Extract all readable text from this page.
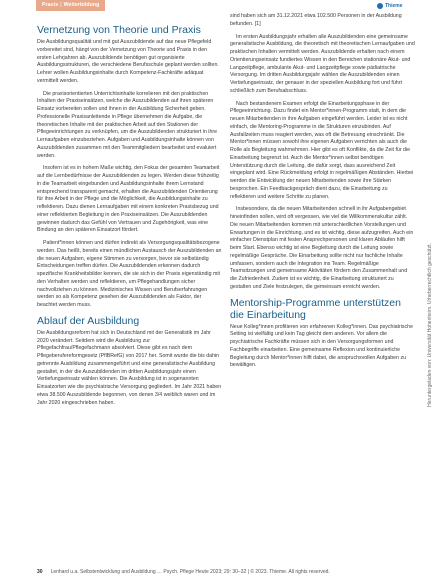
Praxis | Weiterbildung	Thieme
Vernetzung von Theorie und Praxis

Die Ausbildungsqualität und mit gut Auszubildende auf das neue Pflegefeld vorbereitet sind, hängt von der Vernetzung von Theorie und Praxis in den ersten Lehrjahren ab. Auszubildende benötigen gut organisierte Ausbildungsstrukturen, die verschiedene Berufsschule geplant werden sollten. Lehrer wollen Ausbildungsinhalte durch Kompetenz-Fachkräfte adäquat vermittelt werden.

Die praxisorientierten Unterrichtsinhalte korrelieren mit den praktischen Inhalten der Praxiseinsätzen, welche die Auszubildenden auf ihren späteren Einsatz vorbereiten sollen und ihnen in der Ausbildung Sicherheit geben. Professionelle Praxisanleitende in Pflege übernehmen die Aufgabe, die theoretischen Inhalte mit der praktischen Arbeit auf den Stationen der Pflegeeinrichtungen zu verknüpfen, um die Auszubildenden strukturiert in ihre Lernaufgaben einzubeziehen. Aufgaben und Ausbildungsinhalte können von Auszubildenden zusammen mit den Teammitgliedern bearbeitet und evaluiert werden.

Insofern ist es in hohem Maße wichtig, den Fokus der gesamten Teamarbeit auf die Lernbedürfnisse der Auszubildenden zu legen. Werden diese frühzeitig in die Teamarbeit eingebunden und Ausbildungsinhalte ihrem Lernstand entsprechend transparent gemacht, erhalten die Auszubildenden Orientierung für ihre Arbeit in der Pflege und die Möglichkeit, die Ausbildungsinhalte zu reflektieren. Dazu dienen Lernaufgaben mit einem konkreten Praxisbezug und einer reflektierten Begleitung in den Praxiseinsätzen. Die Auszubildenden gewinnen dadurch das Gefühl von Vertrauen und Zugehörigkeit, was eine Bindung an den späteren Einsatzort fördert.

Patient*innen können und dürfen indirekt als Versorgungsqualitätsbezogene werden. Das heißt, bereits einen mündlichen Austausch der Auszubildenden an die neuen Aufgaben, eigene Stimmen zu versorgen, bevor sie selbständig Entscheidungen treffen dürfen. Die Auszubildenden erkennen dadurch spezifische Krankheitsbilder kennen, die sie sich in der Praxis eigenständig mit den Verhalten werden und reflektieren, um Pflegehandlungen sicher nachvollziehen zu können. Medizinisches Wissen und Berufserfahrungen werden so als Kompetenz gesehen der Auszubildenden als Faktor, der beachtet werden muss.

Ablauf der Ausbildung

Die Ausbildungsreform hat sich in Deutschland mit der Generalistik im Jahr 2020 verändert. Seitdem wird die Ausbildung zur Pflegefachfrau/Pflegefachmann absolviert. Diese gibt es nach dem Pflegeberufereformgesetz (PflBRefG) von 2017 her. Somit wurde die bis dahin getrennte Ausbildung zusammengeführt und eine generalistische Ausbildung gestaltet, in der die Auszubildenden im dritten Ausbildungsjahr einen Vertiefungseinsatz wählen können. Die Ausbildung ist in sogenannten Einsatzorten wie die psychiatrische Versorgung gegliedert. Im Jahr 2021 haben etwa 38.500 Auszubildende begonnen, von denen 3/4 weiblich waren und im Jahr 2020 eingeschrieben haben.

sind haben sich am 31.12.2021 etwa 102.500 Personen in der Ausbildung befunden. [1]

Im ersten Ausbildungsjahr erhalten alle Auszubildenden eine gemeinsame generalistische Ausbildung, die theoretisch mit theoretischen Lernaufgaben und praktischen Inhalten vermittelt werden. Auszubildende erhalten nach einem Orientierungseinsatz fundiertes Wissen in den Bereichen stationäre Akut- und Langzeitpflege, ambulante Akut- und Langzeitpflege sowie pädiatrische Versorgung. Im dritten Ausbildungsjahr wählen die Auszubildenden einen Vertiefungseinsatz, der genauer in der speziellen Ausbildung fort und führt schließlich zum Berufsabschluss.

Nach bestandenem Examen erfolgt die Einarbeitungsphase in der Pflegeeinrichtung. Dazu findet ein Mentor*innen-Programm statt, in dem die neuen Mitarbeitenden in ihre Aufgaben eingeführt werden. Leider ist es nicht einfach, die Mentoring-Programme in die Strukturen einzubinden. Auf Ausfallzeiten muss reagiert werden, was oft die Betreuung einschränkt. Die Mentor*innen müssen sowohl ihre eigenen Aufgaben verrichten als auch die Rolle als Begleitung wahrnehmen. Hier gibt es oft Konflikte, da die Zeit für die Einarbeitung begrenzt ist. Auch die Mentor*innen selbst benötigen Unterstützung durch die Leitung, die dafür sorgt, dass ausreichend Zeit eingeplant wird. Eine Rückmeldung erfolgt in regelmäßigen Abständen. Hierbei werden die Entwicklung der neuen Mitarbeitenden sowie ihre Stärken besprochen. Ein Feedbackgespräch dient dazu, die Einarbeitung zu reflektieren und weitere Schritte zu planen.

Insbesondere, da die neuen Mitarbeitenden schnell in ihr Aufgabengebiet hineinfinden sollen, wird oft vergessen, wie viel die Willkommenskultur zählt. Die neuen Mitarbeitenden kommen mit unterschiedlichen Vorstellungen und Erwartungen in die Einrichtung, und es ist wichtig, diese aufzugreifen. Auch ein einfacher Dienstplan mit festen Ansprechpersonen und klaren Abläufen hilft beim Start. Ebenso wichtig ist eine Begleitung durch die Leitung sowie regelmäßige Gespräche. Die Einarbeitung sollte nicht nur fachliche Inhalte umfassen, sondern auch die Integration ins Team. Regelmäßige Teamsitzungen und gemeinsame Aktivitäten fördern den Zusammenhalt und die Zufriedenheit. Zudem ist es wichtig, die Einarbeitung strukturiert zu gestalten und Ziele festzulegen, die gemeinsam erreicht werden.

Mentorship-Programme unterstützen die Einarbeitung

Neue Kolleg*innen profitieren von erfahrenen Kolleg*innen. Das psychiatrische Setting ist vielfältig und kein Tag gleicht dem anderen. Vor allem die psychiatrische Fachkräfte müssen sich in den Versorgungsformen und Fachbegriffe einarbeiten. Eine gemeinsame Reflexion und kontinuierliche Begleitung durch Mentor*innen hilft dabei, die anspruchsvollen Aufgaben zu bewältigen.	Heruntergeladen von: Universität Hohenheim. Urheberrechtlich geschützt.
30 Lenhard u.a. Selbstentwicklung und Ausbildung … Psych. Pflege Heute 2023; 29: 30–32 | © 2023. Thieme. All rights reserved.
